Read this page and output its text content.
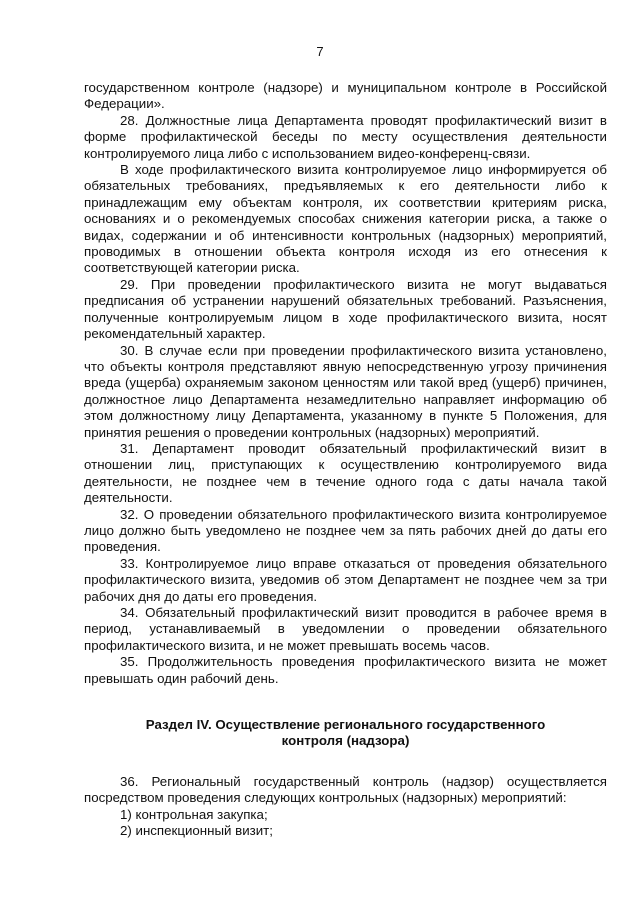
7

государственном контроле (надзоре) и муниципальном контроле в Российской Федерации».

28. Должностные лица Департамента проводят профилактический визит в форме профилактической беседы по месту осуществления деятельности контролируемого лица либо с использованием видео-конференц-связи.

В ходе профилактического визита контролируемое лицо информируется об обязательных требованиях, предъявляемых к его деятельности либо к принадлежащим ему объектам контроля, их соответствии критериям риска, основаниях и о рекомендуемых способах снижения категории риска, а также о видах, содержании и об интенсивности контрольных (надзорных) мероприятий, проводимых в отношении объекта контроля исходя из его отнесения к соответствующей категории риска.

29. При проведении профилактического визита не могут выдаваться предписания об устранении нарушений обязательных требований. Разъяснения, полученные контролируемым лицом в ходе профилактического визита, носят рекомендательный характер.

30. В случае если при проведении профилактического визита установлено, что объекты контроля представляют явную непосредственную угрозу причинения вреда (ущерба) охраняемым законом ценностям или такой вред (ущерб) причинен, должностное лицо Департамента незамедлительно направляет информацию об этом должностному лицу Департамента, указанному в пункте 5 Положения, для принятия решения о проведении контрольных (надзорных) мероприятий.

31. Департамент проводит обязательный профилактический визит в отношении лиц, приступающих к осуществлению контролируемого вида деятельности, не позднее чем в течение одного года с даты начала такой деятельности.

32. О проведении обязательного профилактического визита контролируемое лицо должно быть уведомлено не позднее чем за пять рабочих дней до даты его проведения.

33. Контролируемое лицо вправе отказаться от проведения обязательного профилактического визита, уведомив об этом Департамент не позднее чем за три рабочих дня до даты его проведения.

34. Обязательный профилактический визит проводится в рабочее время в период, устанавливаемый в уведомлении о проведении обязательного профилактического визита, и не может превышать восемь часов.

35. Продолжительность проведения профилактического визита не может превышать один рабочий день.

Раздел IV. Осуществление регионального государственного
контроля (надзора)

36. Региональный государственный контроль (надзор) осуществляется посредством проведения следующих контрольных (надзорных) мероприятий:

1) контрольная закупка;

2) инспекционный визит;
